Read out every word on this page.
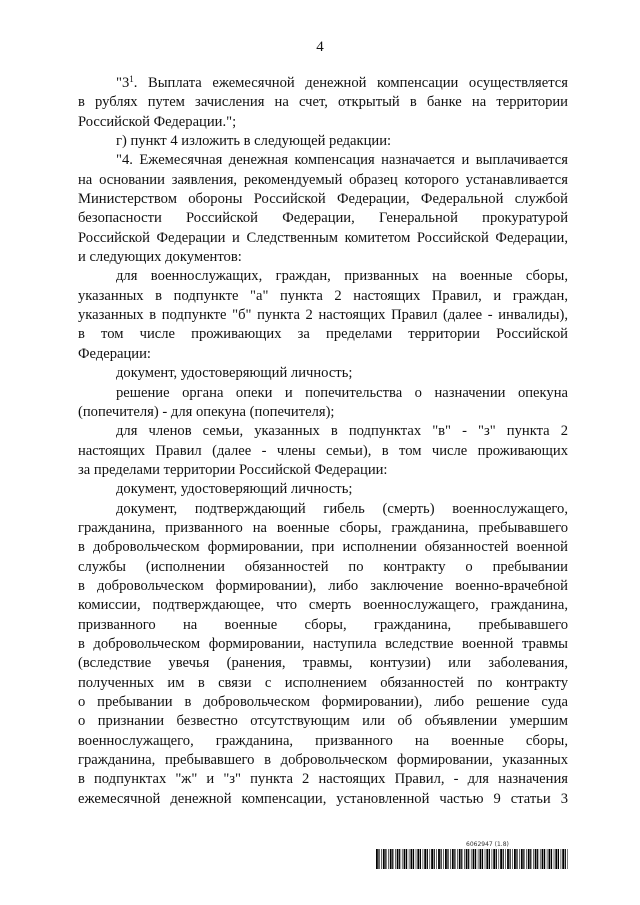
4
"$3^1$. Выплата ежемесячной денежной компенсации осуществляется
в рублях путем зачисления на счет, открытый в банке на территории
Российской Федерации.";
г) пункт 4 изложить в следующей редакции:
"4. Ежемесячная денежная компенсация назначается и выплачивается
на основании заявления, рекомендуемый образец которого устанавливается
Министерством обороны Российской Федерации, Федеральной службой
безопасности Российской Федерации, Генеральной прокуратурой
Российской Федерации и Следственным комитетом Российской Федерации,
и следующих документов:
для военнослужащих, граждан, призванных на военные сборы,
указанных в подпункте "а" пункта 2 настоящих Правил, и граждан,
указанных в подпункте "б" пункта 2 настоящих Правил (далее - инвалиды),
в том числе проживающих за пределами территории Российской
Федерации:
документ, удостоверяющий личность;
решение органа опеки и попечительства о назначении опекуна
(попечителя) - для опекуна (попечителя);
для членов семьи, указанных в подпунктах "в" - "з" пункта 2
настоящих Правил (далее - члены семьи), в том числе проживающих
за пределами территории Российской Федерации:
документ, удостоверяющий личность;
документ, подтверждающий гибель (смерть) военнослужащего,
гражданина, призванного на военные сборы, гражданина, пребывавшего
в добровольческом формировании, при исполнении обязанностей военной
службы (исполнении обязанностей по контракту о пребывании
в добровольческом формировании), либо заключение военно-врачебной
комиссии, подтверждающее, что смерть военнослужащего, гражданина,
призванного на военные сборы, гражданина, пребывавшего
в добровольческом формировании, наступила вследствие военной травмы
(вследствие увечья (ранения, травмы, контузии) или заболевания,
полученных им в связи с исполнением обязанностей по контракту
о пребывании в добровольческом формировании), либо решение суда
о признании безвестно отсутствующим или об объявлении умершим
военнослужащего, гражданина, призванного на военные сборы,
гражданина, пребывавшего в добровольческом формировании, указанных
в подпунктах "ж" и "з" пункта 2 настоящих Правил, - для назначения
ежемесячной денежной компенсации, установленной частью 9 статьи 3
6062947 (1.8)
